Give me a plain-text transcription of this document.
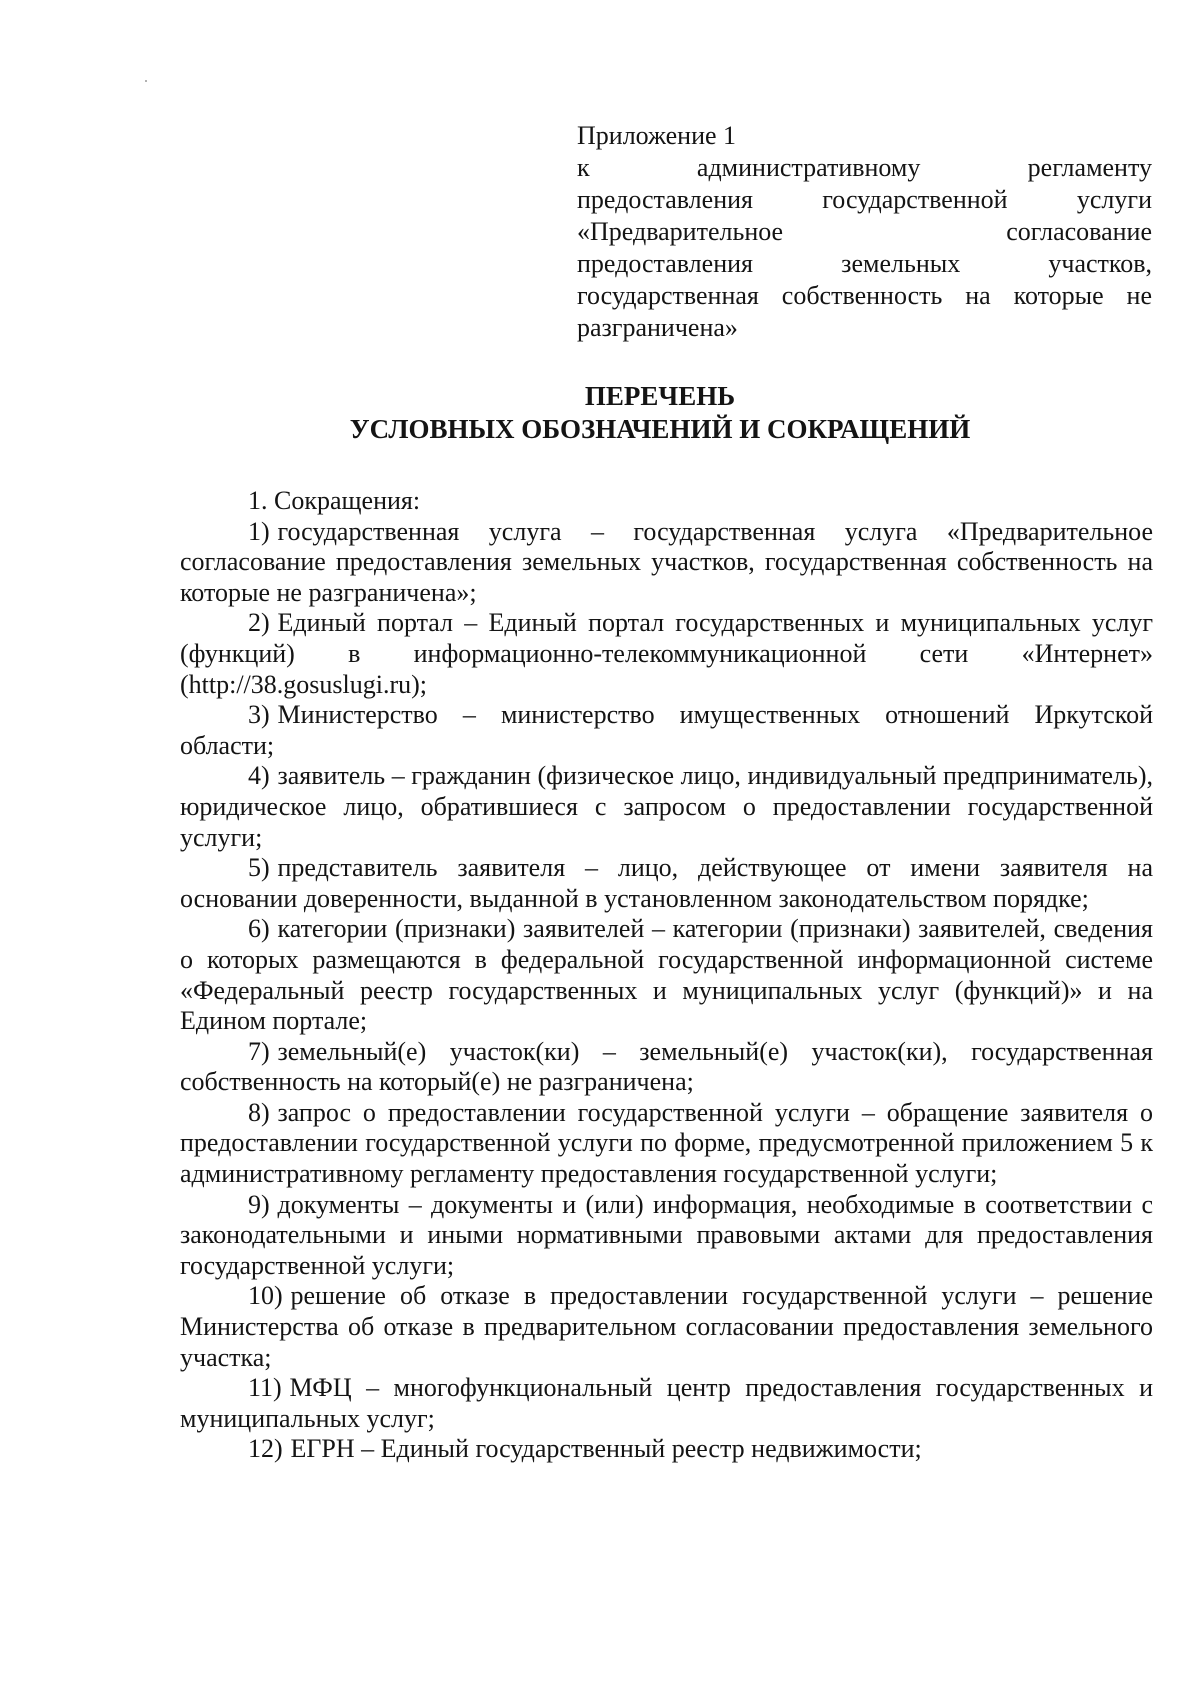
Приложение 1
к административному регламенту
предоставления государственной услуги
«Предварительное согласование
предоставления земельных участков,
государственная собственность на которые не
разграничена»
ПЕРЕЧЕНЬ
УСЛОВНЫХ ОБОЗНАЧЕНИЙ И СОКРАЩЕНИЙ

1. Сокращения:

1) государственная услуга – государственная услуга «Предварительное согласование предоставления земельных участков, государственная собственность на которые не разграничена»;

2) Единый портал – Единый портал государственных и муниципальных услуг (функций) в информационно-телекоммуникационной сети «Интернет» (http://38.gosuslugi.ru);

3) Министерство – министерство имущественных отношений Иркутской области;

4) заявитель – гражданин (физическое лицо, индивидуальный предприниматель), юридическое лицо, обратившиеся с запросом о предоставлении государственной услуги;

5) представитель заявителя – лицо, действующее от имени заявителя на основании доверенности, выданной в установленном законодательством порядке;

6) категории (признаки) заявителей – категории (признаки) заявителей, сведения о которых размещаются в федеральной государственной информационной системе «Федеральный реестр государственных и муниципальных услуг (функций)» и на Едином портале;

7) земельный(е) участок(ки) – земельный(е) участок(ки), государственная собственность на который(е) не разграничена;

8) запрос о предоставлении государственной услуги – обращение заявителя о предоставлении государственной услуги по форме, предусмотренной приложением 5 к административному регламенту предоставления государственной услуги;

9) документы – документы и (или) информация, необходимые в соответствии с законодательными и иными нормативными правовыми актами для предоставления государственной услуги;

10) решение об отказе в предоставлении государственной услуги – решение Министерства об отказе в предварительном согласовании предоставления земельного участка;

11) МФЦ – многофункциональный центр предоставления государственных и муниципальных услуг;

12) ЕГРН – Единый государственный реестр недвижимости;
